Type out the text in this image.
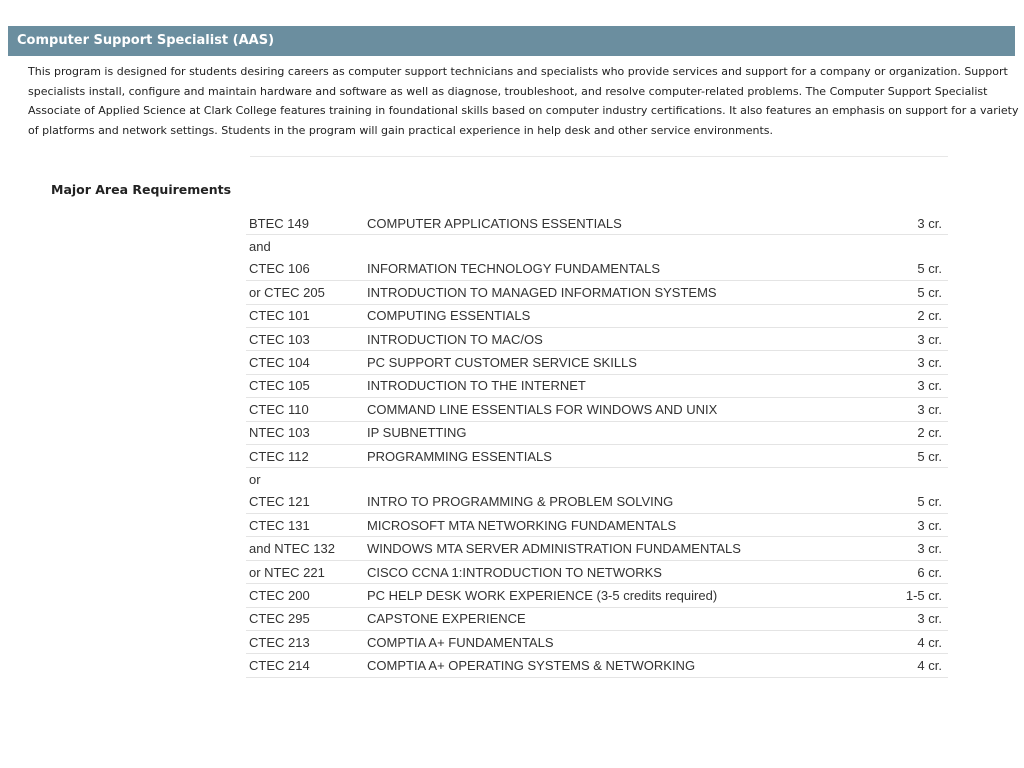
Computer Support Specialist (AAS)
This program is designed for students desiring careers as computer support technicians and specialists who provide services and support for a company or organization. Support specialists install, configure and maintain hardware and software as well as diagnose, troubleshoot, and resolve computer-related problems. The Computer Support Specialist Associate of Applied Science at Clark College features training in foundational skills based on computer industry certifications. It also features an emphasis on support for a variety of platforms and network settings. Students in the program will gain practical experience in help desk and other service environments.
Major Area Requirements
BTEC 149	COMPUTER APPLICATIONS ESSENTIALS	3 cr.
and		
CTEC 106	INFORMATION TECHNOLOGY FUNDAMENTALS	5 cr.
or CTEC 205	INTRODUCTION TO MANAGED INFORMATION SYSTEMS	5 cr.
CTEC 101	COMPUTING ESSENTIALS	2 cr.
CTEC 103	INTRODUCTION TO MAC/OS	3 cr.
CTEC 104	PC SUPPORT CUSTOMER SERVICE SKILLS	3 cr.
CTEC 105	INTRODUCTION TO THE INTERNET	3 cr.
CTEC 110	COMMAND LINE ESSENTIALS FOR WINDOWS AND UNIX	3 cr.
NTEC 103	IP SUBNETTING	2 cr.
CTEC 112	PROGRAMMING ESSENTIALS	5 cr.
or		
CTEC 121	INTRO TO PROGRAMMING & PROBLEM SOLVING	5 cr.
CTEC 131	MICROSOFT MTA NETWORKING FUNDAMENTALS	3 cr.
and NTEC 132	WINDOWS MTA SERVER ADMINISTRATION FUNDAMENTALS	3 cr.
or NTEC 221	CISCO CCNA 1:INTRODUCTION TO NETWORKS	6 cr.
CTEC 200	PC HELP DESK WORK EXPERIENCE (3-5 credits required)	1-5 cr.
CTEC 295	CAPSTONE EXPERIENCE	3 cr.
CTEC 213	COMPTIA A+ FUNDAMENTALS	4 cr.
CTEC 214	COMPTIA A+ OPERATING SYSTEMS & NETWORKING	4 cr.
